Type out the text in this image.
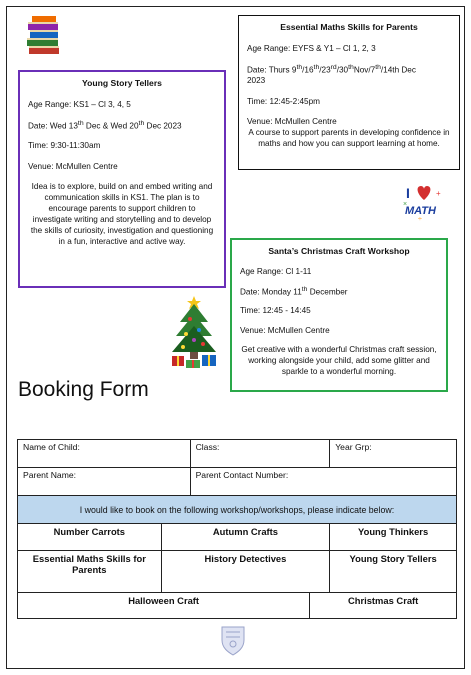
Essential Maths Skills for Parents
Age Range: EYFS & Y1 – Cl 1, 2, 3
Date: Thurs 9th/16th/23rd/30thNov/7th/14th Dec
2023
Time: 12:45-2:45pm
Venue: McMullen Centre
A course to support parents in developing confidence in maths and how you can support learning at home.
Young Story Tellers
Age Range: KS1 – Cl 3, 4, 5
Date: Wed 13th Dec & Wed 20th Dec 2023
Time: 9:30-11:30am
Venue: McMullen Centre
Idea is to explore, build on and embed writing and communication skills in KS1. The plan is to encourage parents to support children to investigate writing and storytelling and to develop the skills of curiosity, investigation and questioning in a fun, interactive and active way.
I
MATH
+
×
÷
Santa’s Christmas Craft Workshop
Age Range: Cl 1-11
Date: Monday 11th December
Time: 12:45 - 14:45
Venue: McMullen Centre
Get creative with a wonderful Christmas craft session, working alongside your child, add some glitter and sparkle to a wonderful morning.
Booking Form
Name of Child:		Class:		Year Grp:
Parent Name:		Parent Contact Number:		
I would like to book on the following workshop/workshops, please indicate below:				
Number Carrots	Autumn Crafts			Young Thinkers
Essential Maths Skills for Parents	History Detectives			Young Story Tellers
Halloween Craft			Christmas Craft	
